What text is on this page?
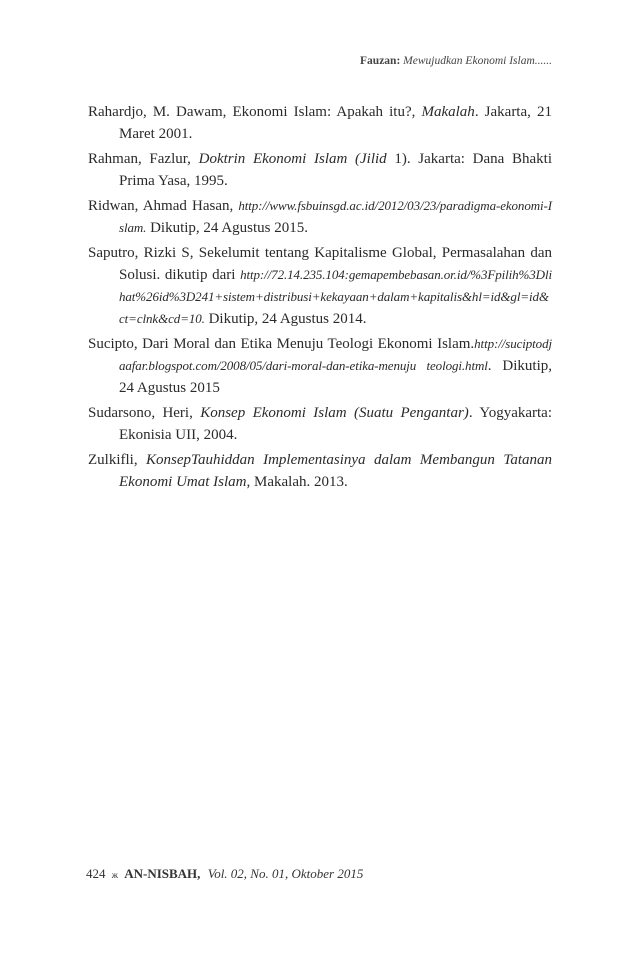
Fauzan: Mewujudkan Ekonomi Islam......

Rahardjo, M. Dawam, Ekonomi Islam: Apakah itu?, Makalah. Jakarta, 21 Maret 2001.

Rahman, Fazlur, Doktrin Ekonomi Islam (Jilid 1). Jakarta: Dana Bhakti Prima Yasa, 1995.

Ridwan, Ahmad Hasan, http://www.fsbuinsgd.ac.id/2012/03/23/paradigma-ekonomi-Islam. Dikutip, 24 Agustus 2015.

Saputro, Rizki S, Sekelumit tentang Kapitalisme Global, Permasalahan dan Solusi. dikutip dari http://72.14.235.104:gemapembebasan.or.id/%3Fpilih%3Dlihat%26id%3D241+sistem+distribusi+kekayaan+dalam+kapitalis&hl=id&gl=id&ct=clnk&cd=10. Dikutip, 24 Agustus 2014.

Sucipto, Dari Moral dan Etika Menuju Teologi Ekonomi Islam.http://suciptodjaafar.blogspot.com/2008/05/dari-moral-dan-etika-menuju teologi.html. Dikutip, 24 Agustus 2015

Sudarsono, Heri, Konsep Ekonomi Islam (Suatu Pengantar). Yogyakarta: Ekonisia UII, 2004.

Zulkifli, KonsepTauhiddan Implementasinya dalam Membangun Tatanan Ekonomi Umat Islam, Makalah. 2013.

424 ж AN-NISBAH, Vol. 02, No. 01, Oktober 2015
